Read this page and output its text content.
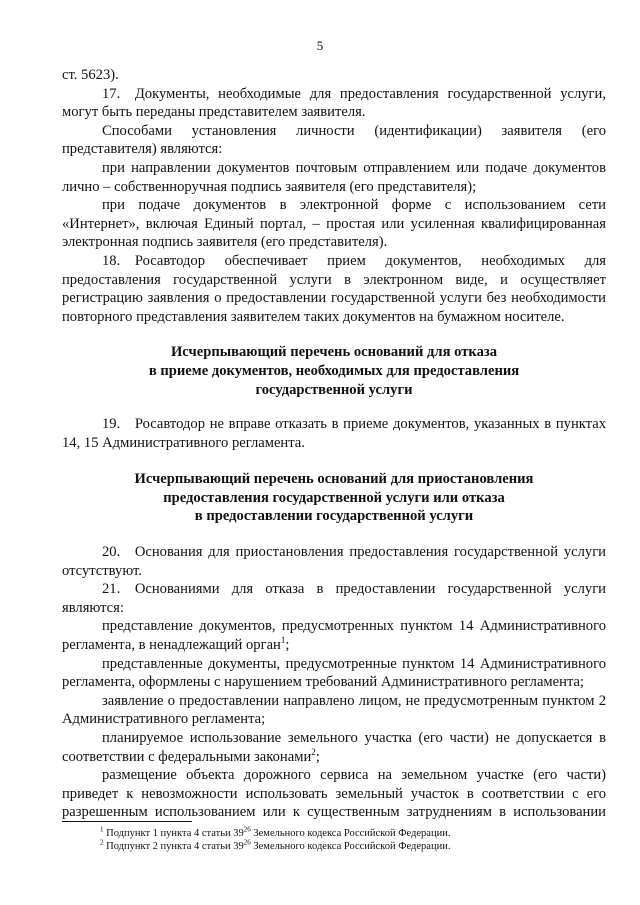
5

ст. 5623).

17. Документы, необходимые для предоставления государственной услуги, могут быть переданы представителем заявителя.

Способами установления личности (идентификации) заявителя (его представителя) являются:

при направлении документов почтовым отправлением или подаче документов лично – собственноручная подпись заявителя (его представителя);

при подаче документов в электронной форме с использованием сети «Интернет», включая Единый портал, – простая или усиленная квалифицированная электронная подпись заявителя (его представителя).

18. Росавтодор обеспечивает прием документов, необходимых для предоставления государственной услуги в электронном виде, и осуществляет регистрацию заявления о предоставлении государственной услуги без необходимости повторного представления заявителем таких документов на бумажном носителе.

Исчерпывающий перечень оснований для отказа
в приеме документов, необходимых для предоставления
государственной услуги

19. Росавтодор не вправе отказать в приеме документов, указанных в пунктах 14, 15 Административного регламента.

Исчерпывающий перечень оснований для приостановления
предоставления государственной услуги или отказа
в предоставлении государственной услуги

20. Основания для приостановления предоставления государственной услуги отсутствуют.

21. Основаниями для отказа в предоставлении государственной услуги являются:

представление документов, предусмотренных пунктом 14 Административного регламента, в ненадлежащий орган$^1$;

представленные документы, предусмотренные пунктом 14 Административного регламента, оформлены с нарушением требований Административного регламента;

заявление о предоставлении направлено лицом, не предусмотренным пунктом 2 Административного регламента;

планируемое использование земельного участка (его части) не допускается в соответствии с федеральными законами$^2$;

размещение объекта дорожного сервиса на земельном участке (его части) приведет к невозможности использовать земельный участок в соответствии с его разрешенным использованием или к существенным затруднениям в использовании

$^1$ Подпункт 1 пункта 4 статьи $39^{26}$ Земельного кодекса Российской Федерации.

$^2$ Подпункт 2 пункта 4 статьи $39^{26}$ Земельного кодекса Российской Федерации.
